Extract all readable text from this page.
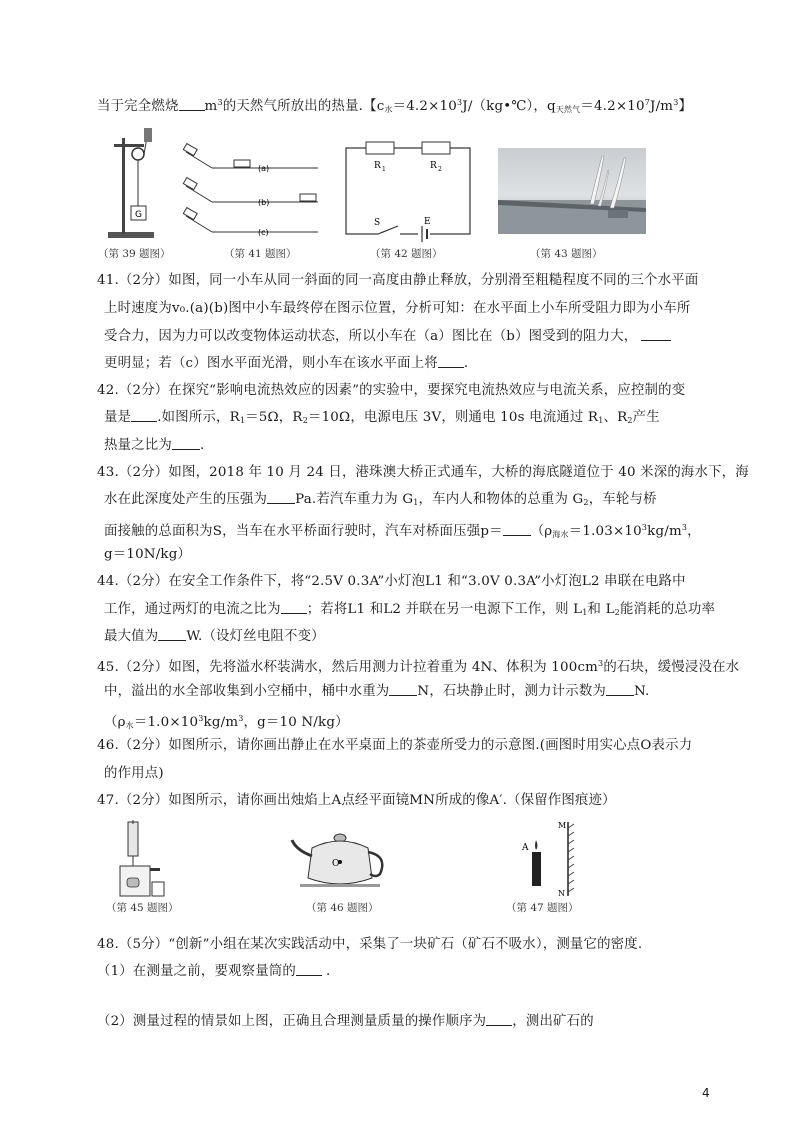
当于完全燃烧 $m^3$的天然气所放出的热量.【$c_水=4.2\times 10^3J/(kg•℃)$，$q_{天然气}=4.2\times 10^7J/m^3$】
G
（第 39 题图）
(a)
(b)
(c)
（第 41 题图）
R 1	R 2
S	E
（第 42 题图）	（第 43 题图）
41.（2分）如图，同一小车从同一斜面的同一高度由静止释放，分别滑至粗糙程度不同的三个水平面
上时速度为v₀.(a)(b)图中小车最终停在图示位置，分析可知：在水平面上小车所受阻力即为小车所
受合力，因为力可以改变物体运动状态，所以小车在（a）图比在（b）图受到的阻力大，
更明显；若（c）图水平面光滑，则小车在该水平面上将 .
42.（2分）在探究“影响电流热效应的因素”的实验中，要探究电流热效应与电流关系，应控制的变
量是 .如图所示，$R_1=5\Omega$，$R_2=10\Omega$，电源电压 3V，则通电 10s 电流通过 $R_1$、$R_2$产生
热量之比为 .
43.（2分）如图，2018 年 10 月 24 日，港珠澳大桥正式通车，大桥的海底隧道位于 40 米深的海水下，海
水在此深度处产生的压强为 Pa.若汽车重力为 $G_1$，车内人和物体的总重为 $G_2$，车轮与桥
面接触的总面积为S，当车在水平桥面行驶时，汽车对桥面压强$p= (\rho_{海水}=1.03\times 10^3kg/m^3$，
g＝10N/kg）
44.（2分）在安全工作条件下，将“2.5V 0.3A”小灯泡L1 和“3.0V 0.3A”小灯泡L2 串联在电路中
工作，通过两灯的电流之比为 ；若将L1 和L2 并联在另一电源下工作，则 $L_1$和 $L_2$能消耗的总功率
最大值为 W.（设灯丝电阻不变）
45.（2分）如图，先将溢水杯装满水，然后用测力计拉着重为 4N、体积为 $100cm^3$的石块，缓慢浸没在水
中，溢出的水全部收集到小空桶中，桶中水重为 N，石块静止时，测力计示数为 N.
（$\rho_水=1.0\times 10^3kg/m^3$，g＝10 N/kg）
46.（2分）如图所示，请你画出静止在水平桌面上的茶壶所受力的示意图.(画图时用实心点O表示力
的作用点)
47.（2分）如图所示，请你画出烛焰上A点经平面镜MN所成的像A′.（保留作图痕迹）
（第 45 题图）
O
（第 46 题图）
A
M
N
（第 47 题图）
48.（5分）“创新”小组在某次实践活动中，采集了一块矿石（矿石不吸水），测量它的密度.
（1）在测量之前，要观察量筒的 .
（2）测量过程的情景如上图，正确且合理测量质量的操作顺序为 ，测出矿石的
4
